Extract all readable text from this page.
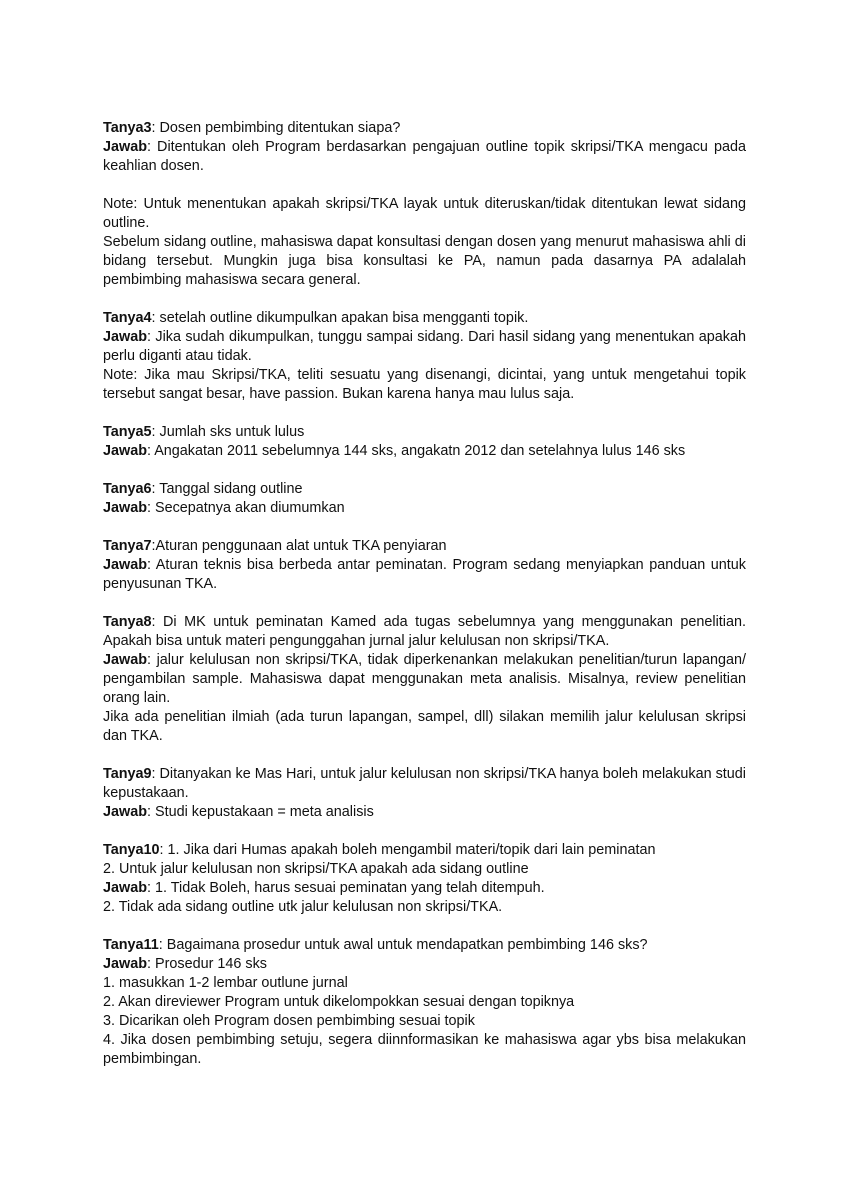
Tanya3: Dosen pembimbing ditentukan siapa?

Jawab: Ditentukan oleh Program berdasarkan pengajuan outline topik skripsi/TKA mengacu pada keahlian dosen.

Note: Untuk menentukan apakah skripsi/TKA layak untuk diteruskan/tidak ditentukan lewat sidang outline.

Sebelum sidang outline, mahasiswa dapat konsultasi dengan dosen yang menurut mahasiswa ahli di bidang tersebut. Mungkin juga bisa konsultasi ke PA, namun pada dasarnya PA adalalah pembimbing mahasiswa secara general.

Tanya4: setelah outline dikumpulkan apakan bisa mengganti topik.

Jawab: Jika sudah dikumpulkan, tunggu sampai sidang. Dari hasil sidang yang menentukan apakah perlu diganti atau tidak.

Note: Jika mau Skripsi/TKA, teliti sesuatu yang disenangi, dicintai, yang untuk mengetahui topik tersebut sangat besar, have passion. Bukan karena hanya mau lulus saja.

Tanya5: Jumlah sks untuk lulus

Jawab: Angakatan 2011 sebelumnya 144 sks, angakatn 2012 dan setelahnya lulus 146 sks

Tanya6: Tanggal sidang outline

Jawab: Secepatnya akan diumumkan

Tanya7:Aturan penggunaan alat untuk TKA penyiaran

Jawab: Aturan teknis bisa berbeda antar peminatan. Program sedang menyiapkan panduan untuk penyusunan TKA.

Tanya8: Di MK untuk peminatan Kamed ada tugas sebelumnya yang menggunakan penelitian. Apakah bisa untuk materi pengunggahan jurnal jalur kelulusan non skripsi/TKA.

Jawab: jalur kelulusan non skripsi/TKA, tidak diperkenankan melakukan penelitian/turun lapangan/ pengambilan sample. Mahasiswa dapat menggunakan meta analisis. Misalnya, review penelitian orang lain.

Jika ada penelitian ilmiah (ada turun lapangan, sampel, dll) silakan memilih jalur kelulusan skripsi dan TKA.

Tanya9: Ditanyakan ke Mas Hari, untuk jalur kelulusan non skripsi/TKA hanya boleh melakukan studi kepustakaan.

Jawab: Studi kepustakaan = meta analisis

Tanya10: 1. Jika dari Humas apakah boleh mengambil materi/topik dari lain peminatan

2. Untuk jalur kelulusan non skripsi/TKA apakah ada sidang outline

Jawab: 1. Tidak Boleh, harus sesuai peminatan yang telah ditempuh.

2. Tidak ada sidang outline utk jalur kelulusan non skripsi/TKA.

Tanya11: Bagaimana prosedur untuk awal untuk mendapatkan pembimbing 146 sks?

Jawab: Prosedur 146 sks

1. masukkan 1-2 lembar outlune jurnal

2. Akan direviewer Program untuk dikelompokkan sesuai dengan topiknya

3. Dicarikan oleh Program dosen pembimbing sesuai topik

4. Jika dosen pembimbing setuju, segera diinnformasikan ke mahasiswa agar ybs bisa melakukan pembimbingan.
